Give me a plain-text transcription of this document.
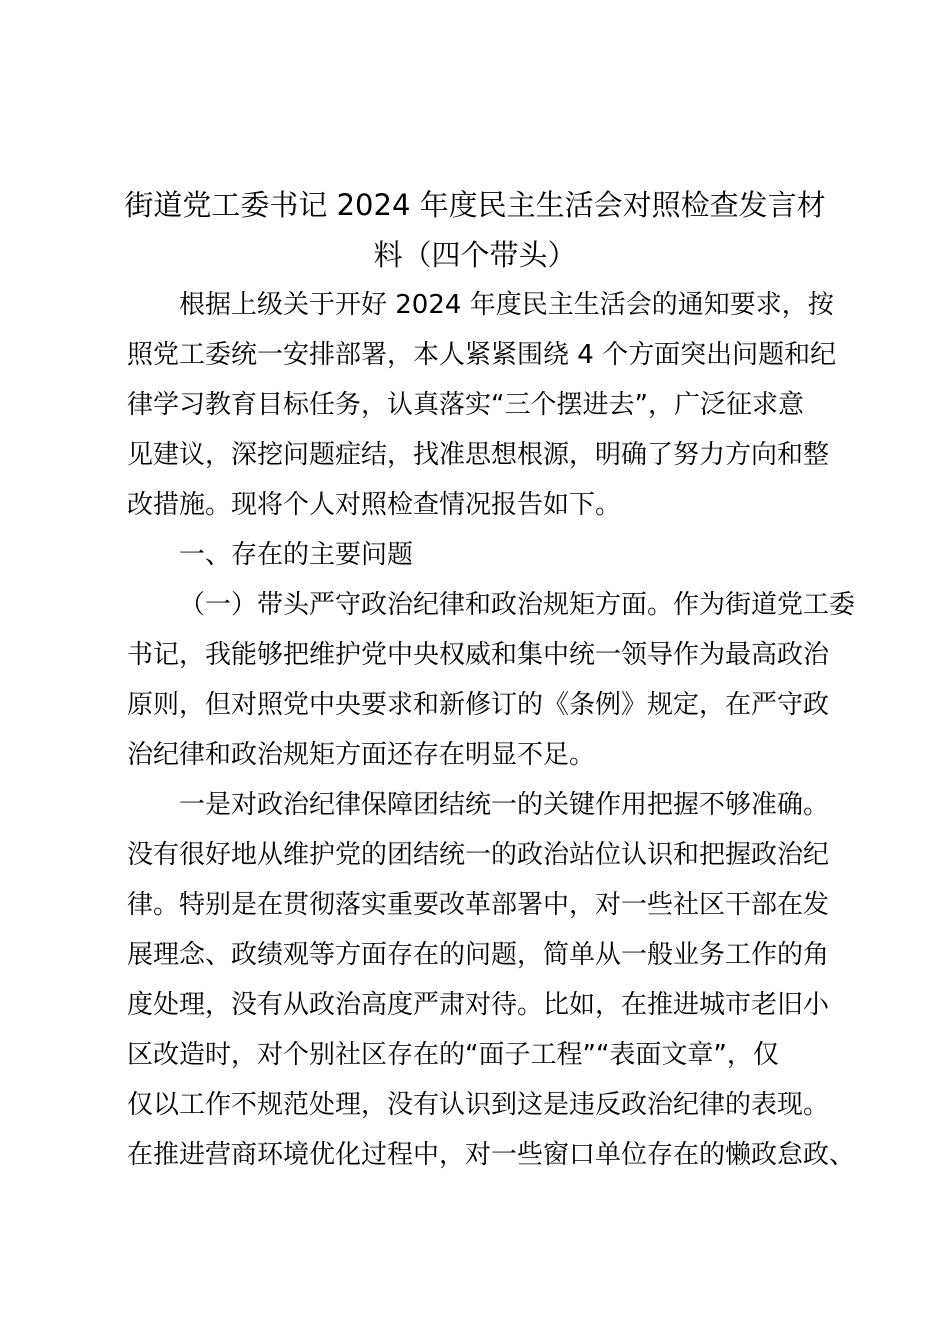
街道党工委书记 2024 年度民主生活会对照检查发言材
料（四个带头）
根据上级关于开好 2024 年度民主生活会的通知要求，按
照党工委统一安排部署，本人紧紧围绕 4 个方面突出问题和纪
律学习教育目标任务，认真落实“三个摆进去”，广泛征求意
见建议，深挖问题症结，找准思想根源，明确了努力方向和整
改措施。现将个人对照检查情况报告如下。
一、存在的主要问题
（一）带头严守政治纪律和政治规矩方面。作为街道党工委
书记，我能够把维护党中央权威和集中统一领导作为最高政治
原则，但对照党中央要求和新修订的《条例》规定，在严守政
治纪律和政治规矩方面还存在明显不足。
一是对政治纪律保障团结统一的关键作用把握不够准确。
没有很好地从维护党的团结统一的政治站位认识和把握政治纪
律。特别是在贯彻落实重要改革部署中，对一些社区干部在发
展理念、政绩观等方面存在的问题，简单从一般业务工作的角
度处理，没有从政治高度严肃对待。比如，在推进城市老旧小
区改造时，对个别社区存在的“面子工程”“表面文章”，仅
仅以工作不规范处理，没有认识到这是违反政治纪律的表现。
在推进营商环境优化过程中，对一些窗口单位存在的懒政怠政、
